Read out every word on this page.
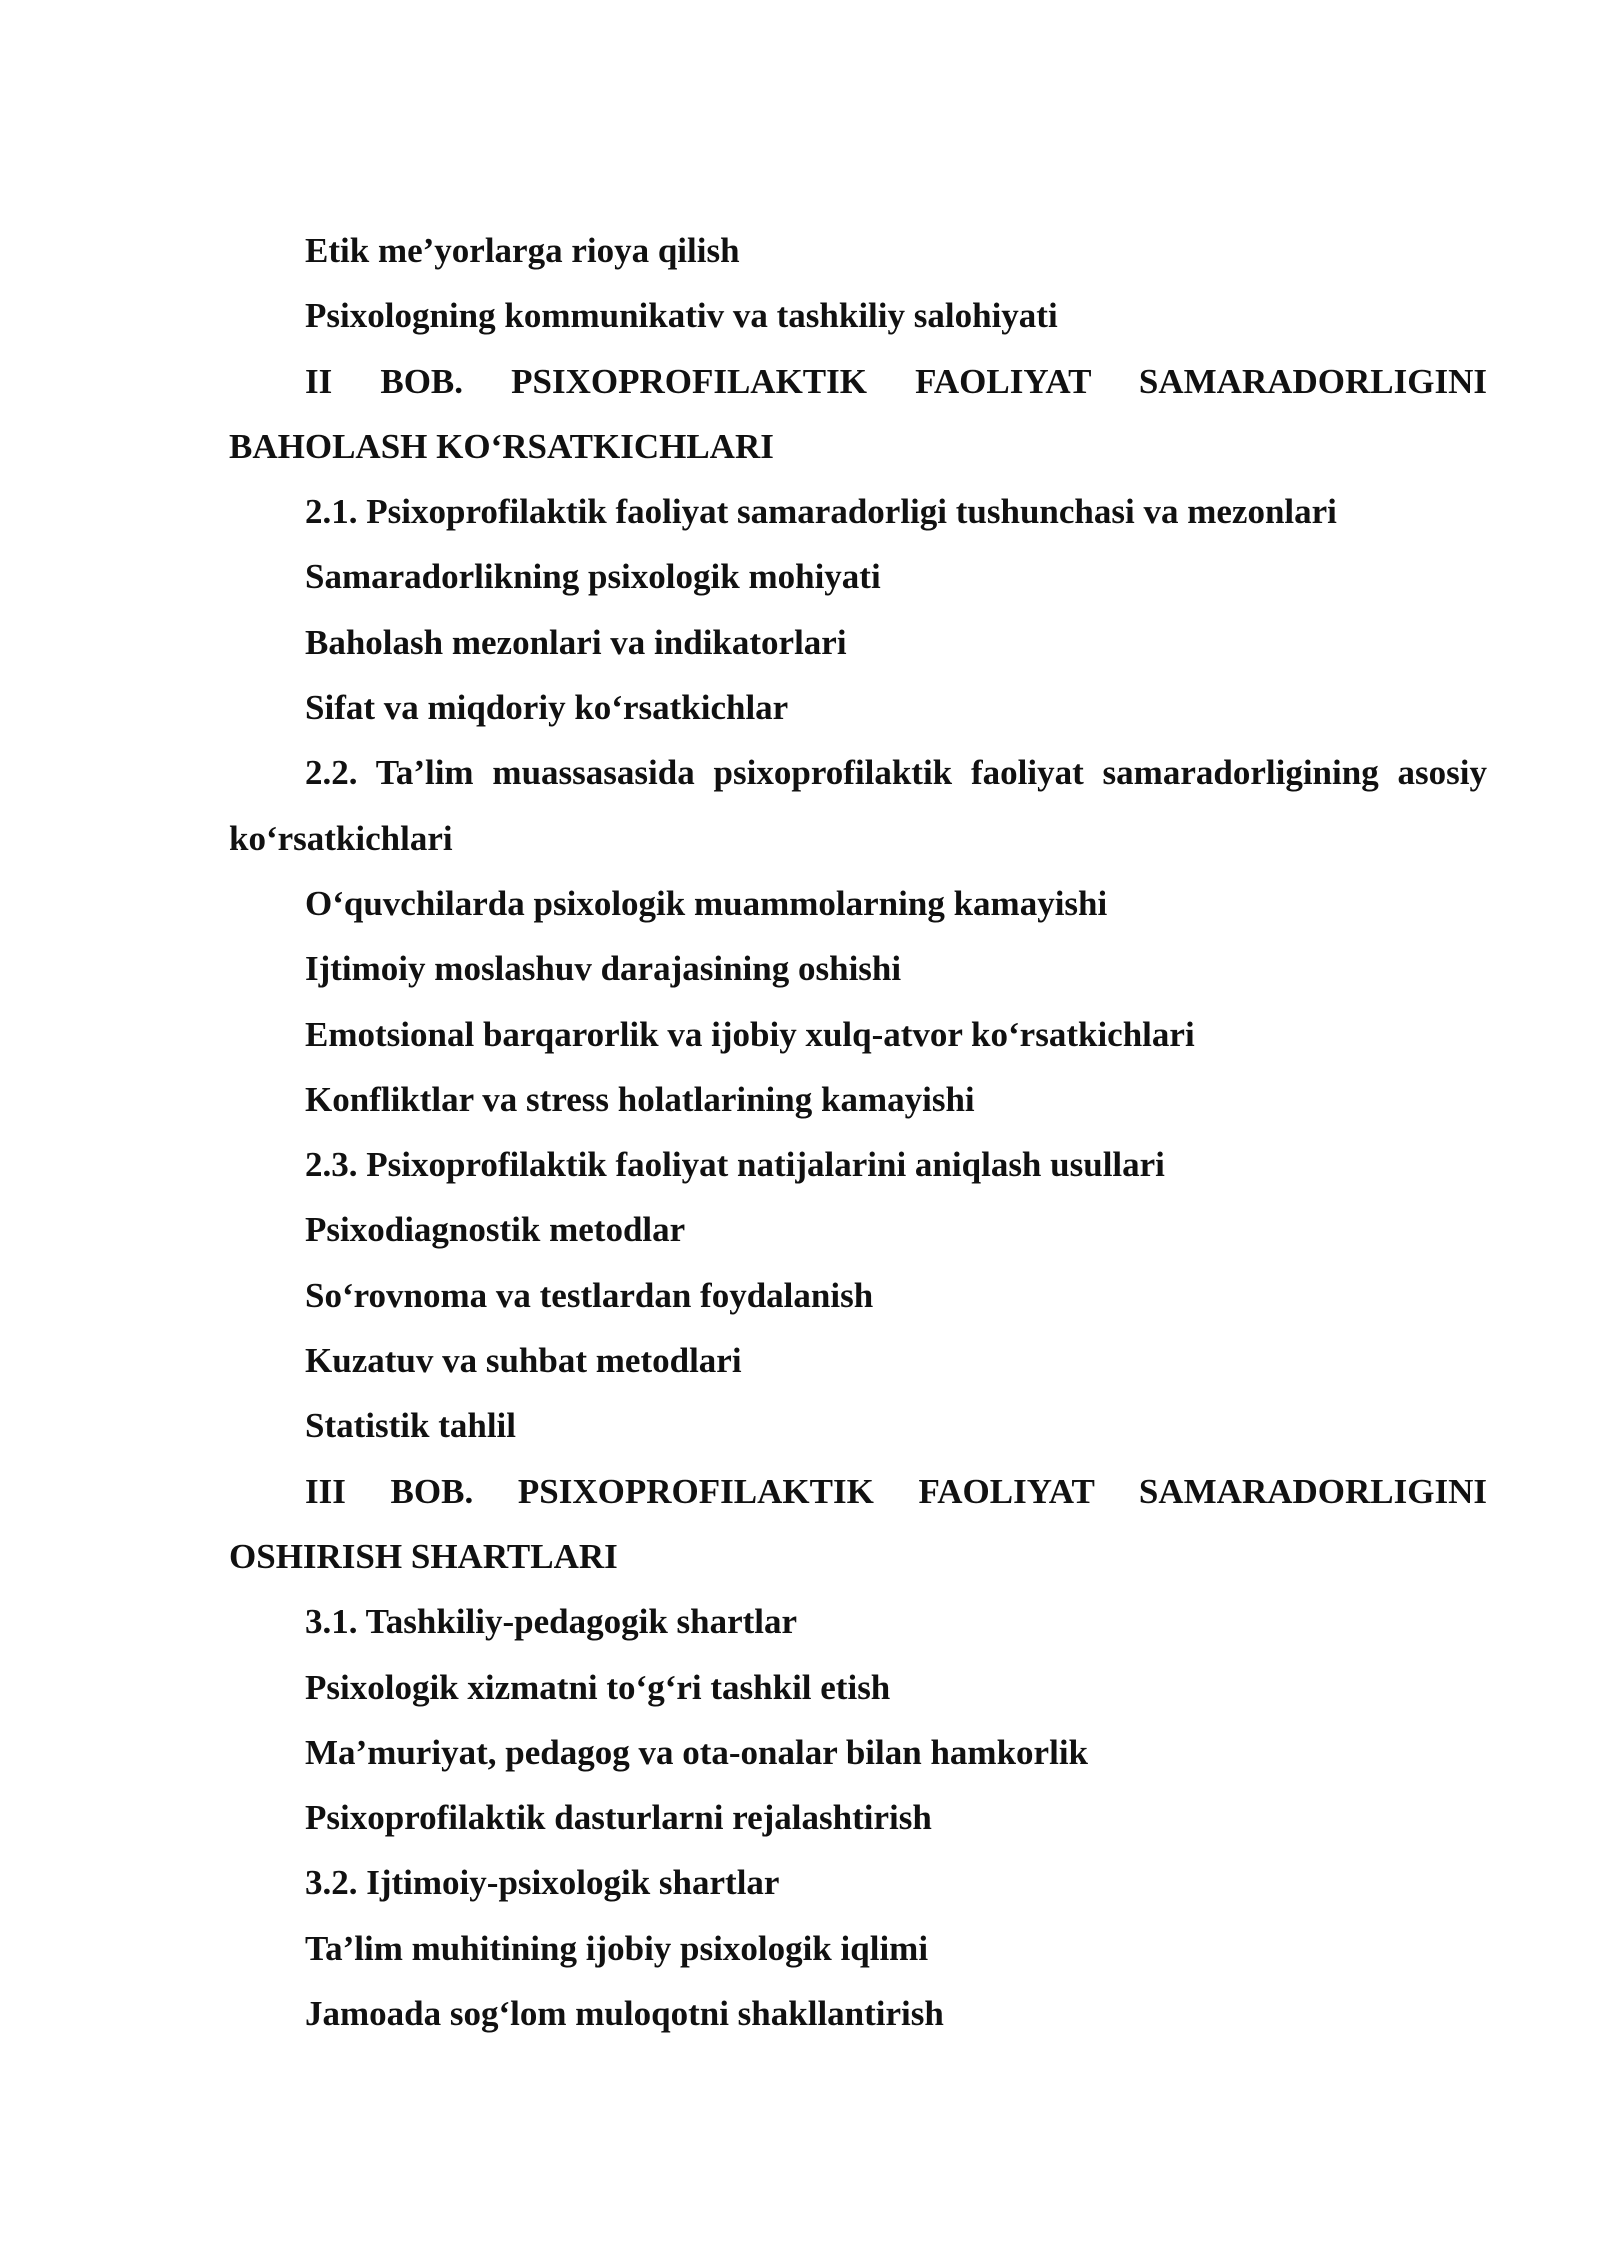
Etik me’yorlarga rioya qilish

Psixologning kommunikativ va tashkiliy salohiyati

II BOB. PSIXOPROFILAKTIK FAOLIYAT SAMARADORLIGINI BAHOLASH KO‘RSATKICHLARI

2.1. Psixoprofilaktik faoliyat samaradorligi tushunchasi va mezonlari

Samaradorlikning psixologik mohiyati

Baholash mezonlari va indikatorlari

Sifat va miqdoriy ko‘rsatkichlar

2.2. Ta’lim muassasasida psixoprofilaktik faoliyat samaradorligining asosiy ko‘rsatkichlari

O‘quvchilarda psixologik muammolarning kamayishi

Ijtimoiy moslashuv darajasining oshishi

Emotsional barqarorlik va ijobiy xulq-atvor ko‘rsatkichlari

Konfliktlar va stress holatlarining kamayishi

2.3. Psixoprofilaktik faoliyat natijalarini aniqlash usullari

Psixodiagnostik metodlar

So‘rovnoma va testlardan foydalanish

Kuzatuv va suhbat metodlari

Statistik tahlil

III BOB. PSIXOPROFILAKTIK FAOLIYAT SAMARADORLIGINI OSHIRISH SHARTLARI

3.1. Tashkiliy-pedagogik shartlar

Psixologik xizmatni to‘g‘ri tashkil etish

Ma’muriyat, pedagog va ota-onalar bilan hamkorlik

Psixoprofilaktik dasturlarni rejalashtirish

3.2. Ijtimoiy-psixologik shartlar

Ta’lim muhitining ijobiy psixologik iqlimi

Jamoada sog‘lom muloqotni shakllantirish
